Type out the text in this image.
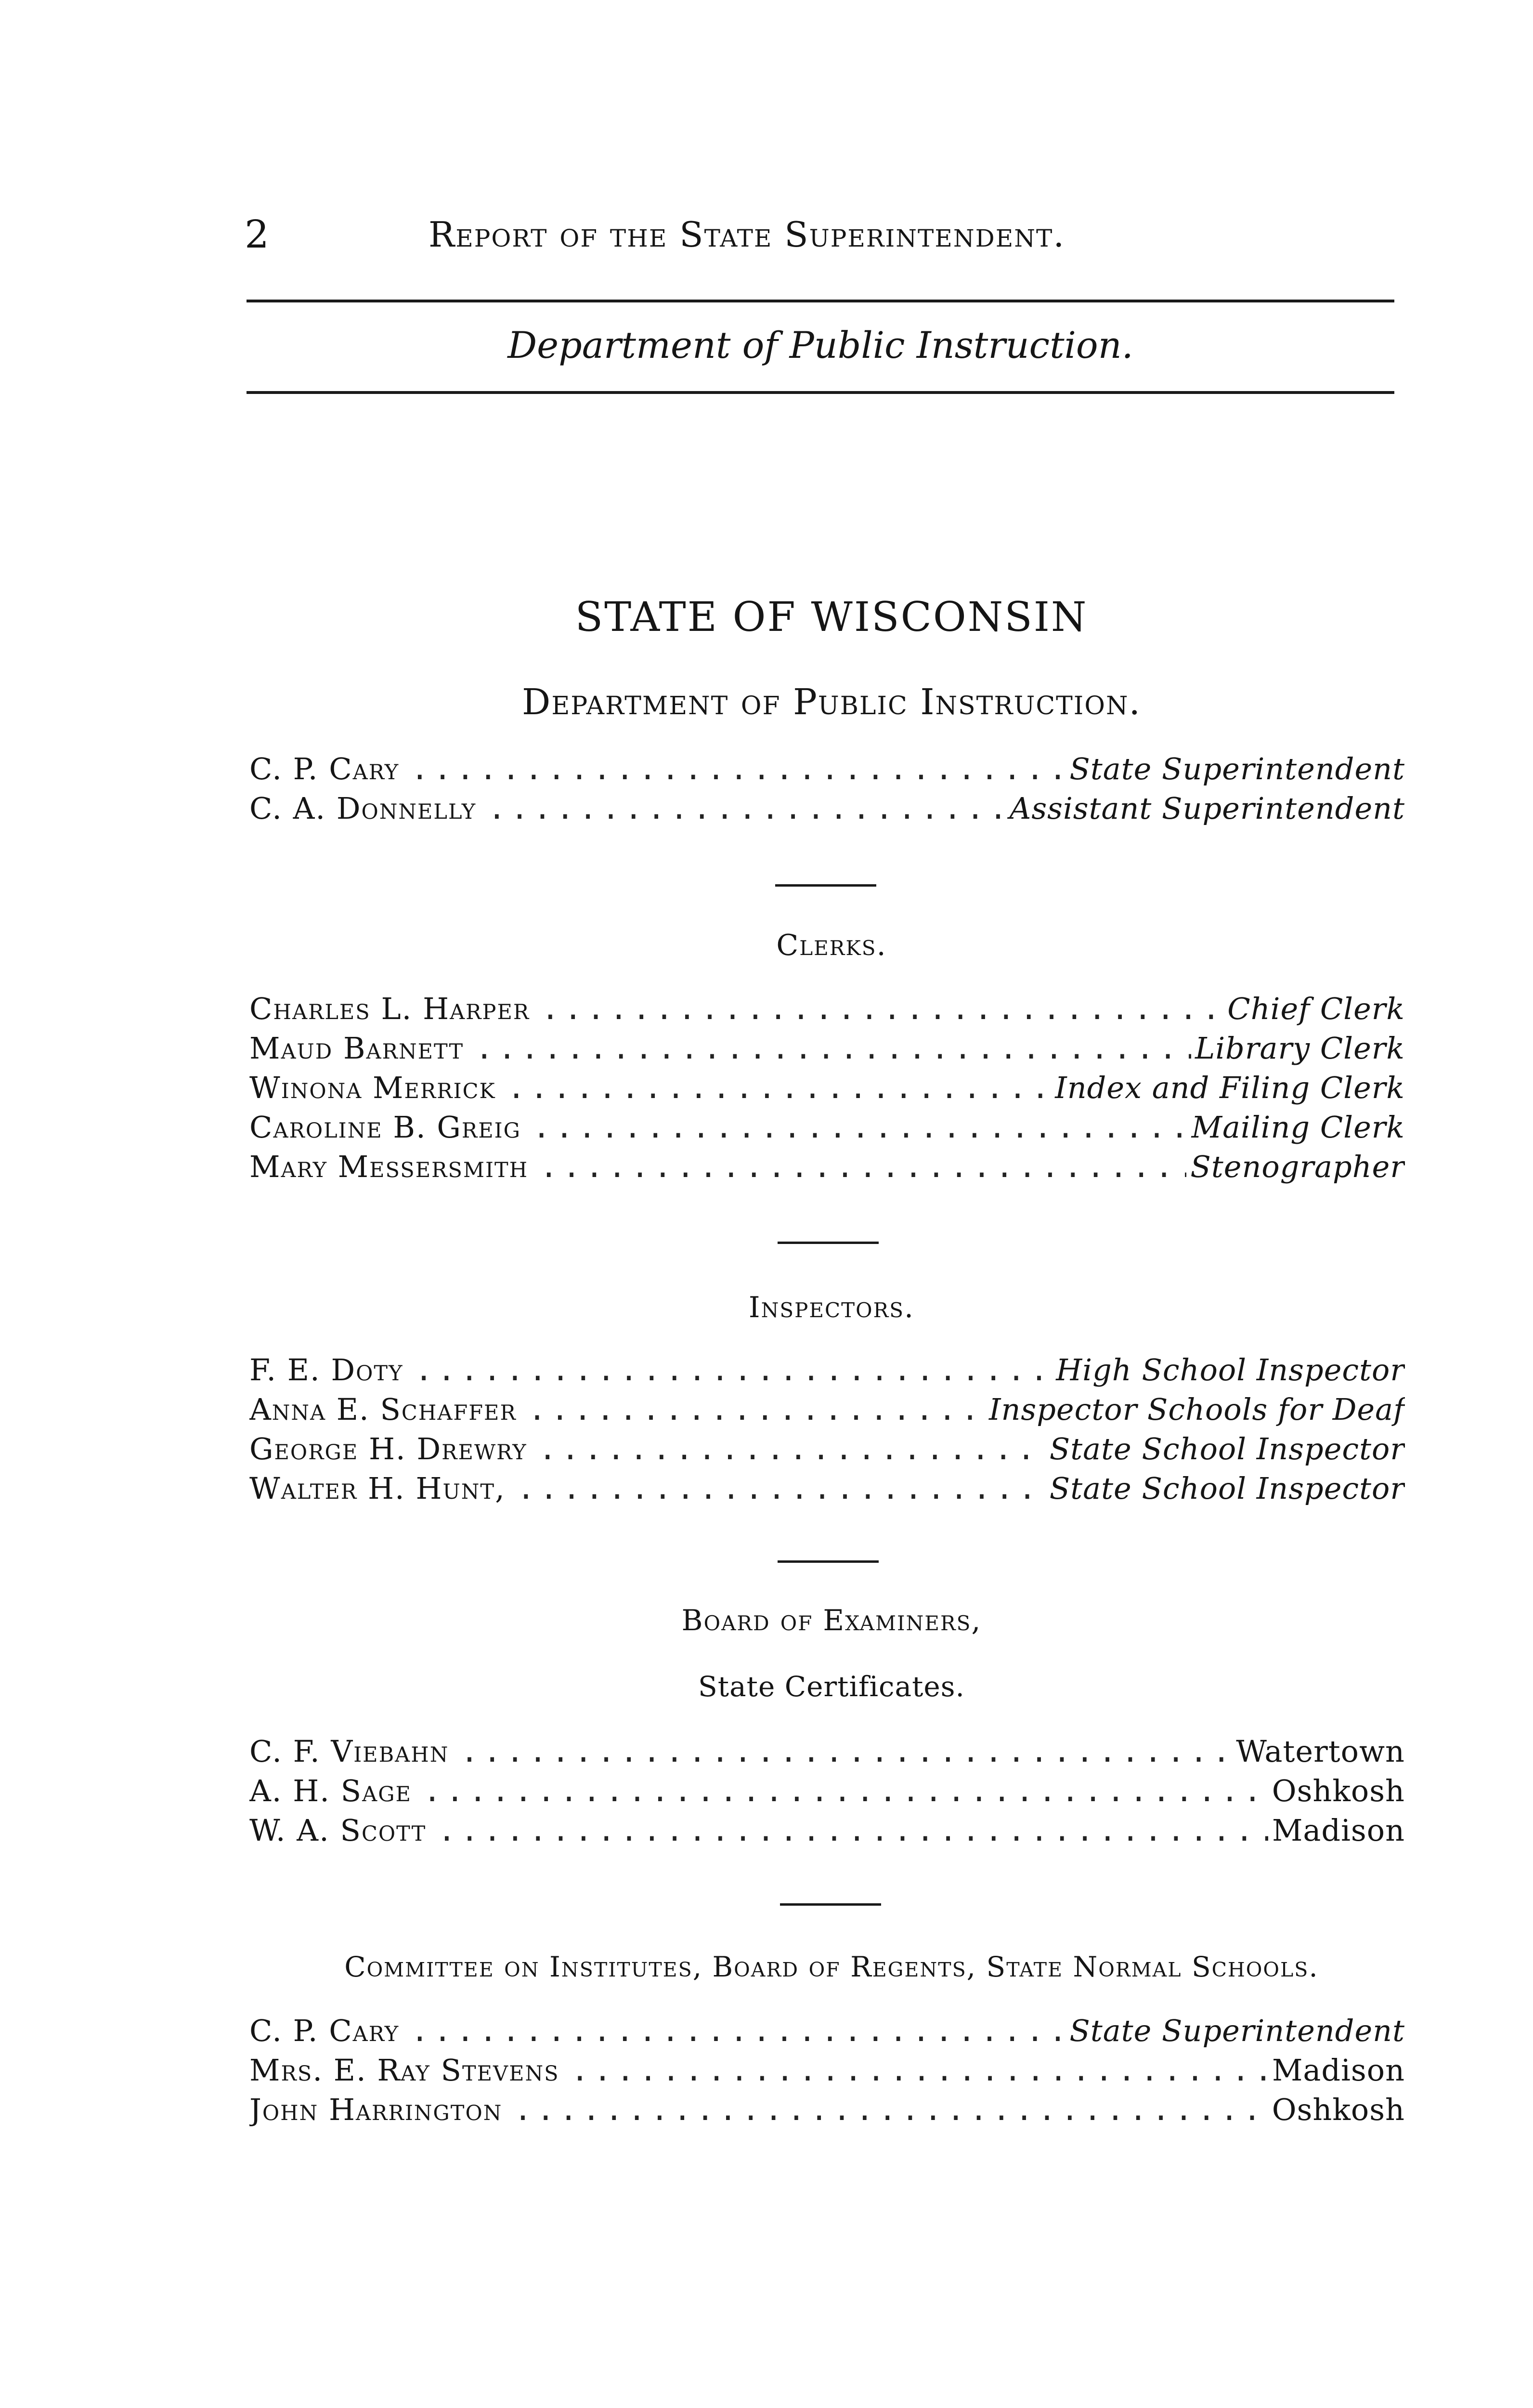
2	Report of the State Superintendent.
Department of Public Instruction.
STATE OF WISCONSIN
Department of Public Instruction.
C. P. Cary .....	State Superintendent
C. A. Donnelly .....	Assistant Superintendent
Clerks.
Charles L. Harper .....	Chief Clerk
Maud Barnett .....	Library Clerk
Winona Merrick .....	Index and Filing Clerk
Caroline B. Greig .....	Mailing Clerk
Mary Messersmith .....	Stenographer
Inspectors.
F. E. Doty .....	High School Inspector
Anna E. Schaffer .....	Inspector Schools for Deaf
George H. Drewry .....	State School Inspector
Walter H. Hunt, .....	State School Inspector
Board of Examiners,
State Certificates.
C. F. Viebahn .....	Watertown
A. H. Sage .....	Oshkosh
W. A. Scott .....	Madison
Committee on Institutes, Board of Regents, State Normal Schools.
C. P. Cary .....	State Superintendent
Mrs. E. Ray Stevens .....	Madison
John Harrington .....	Oshkosh
